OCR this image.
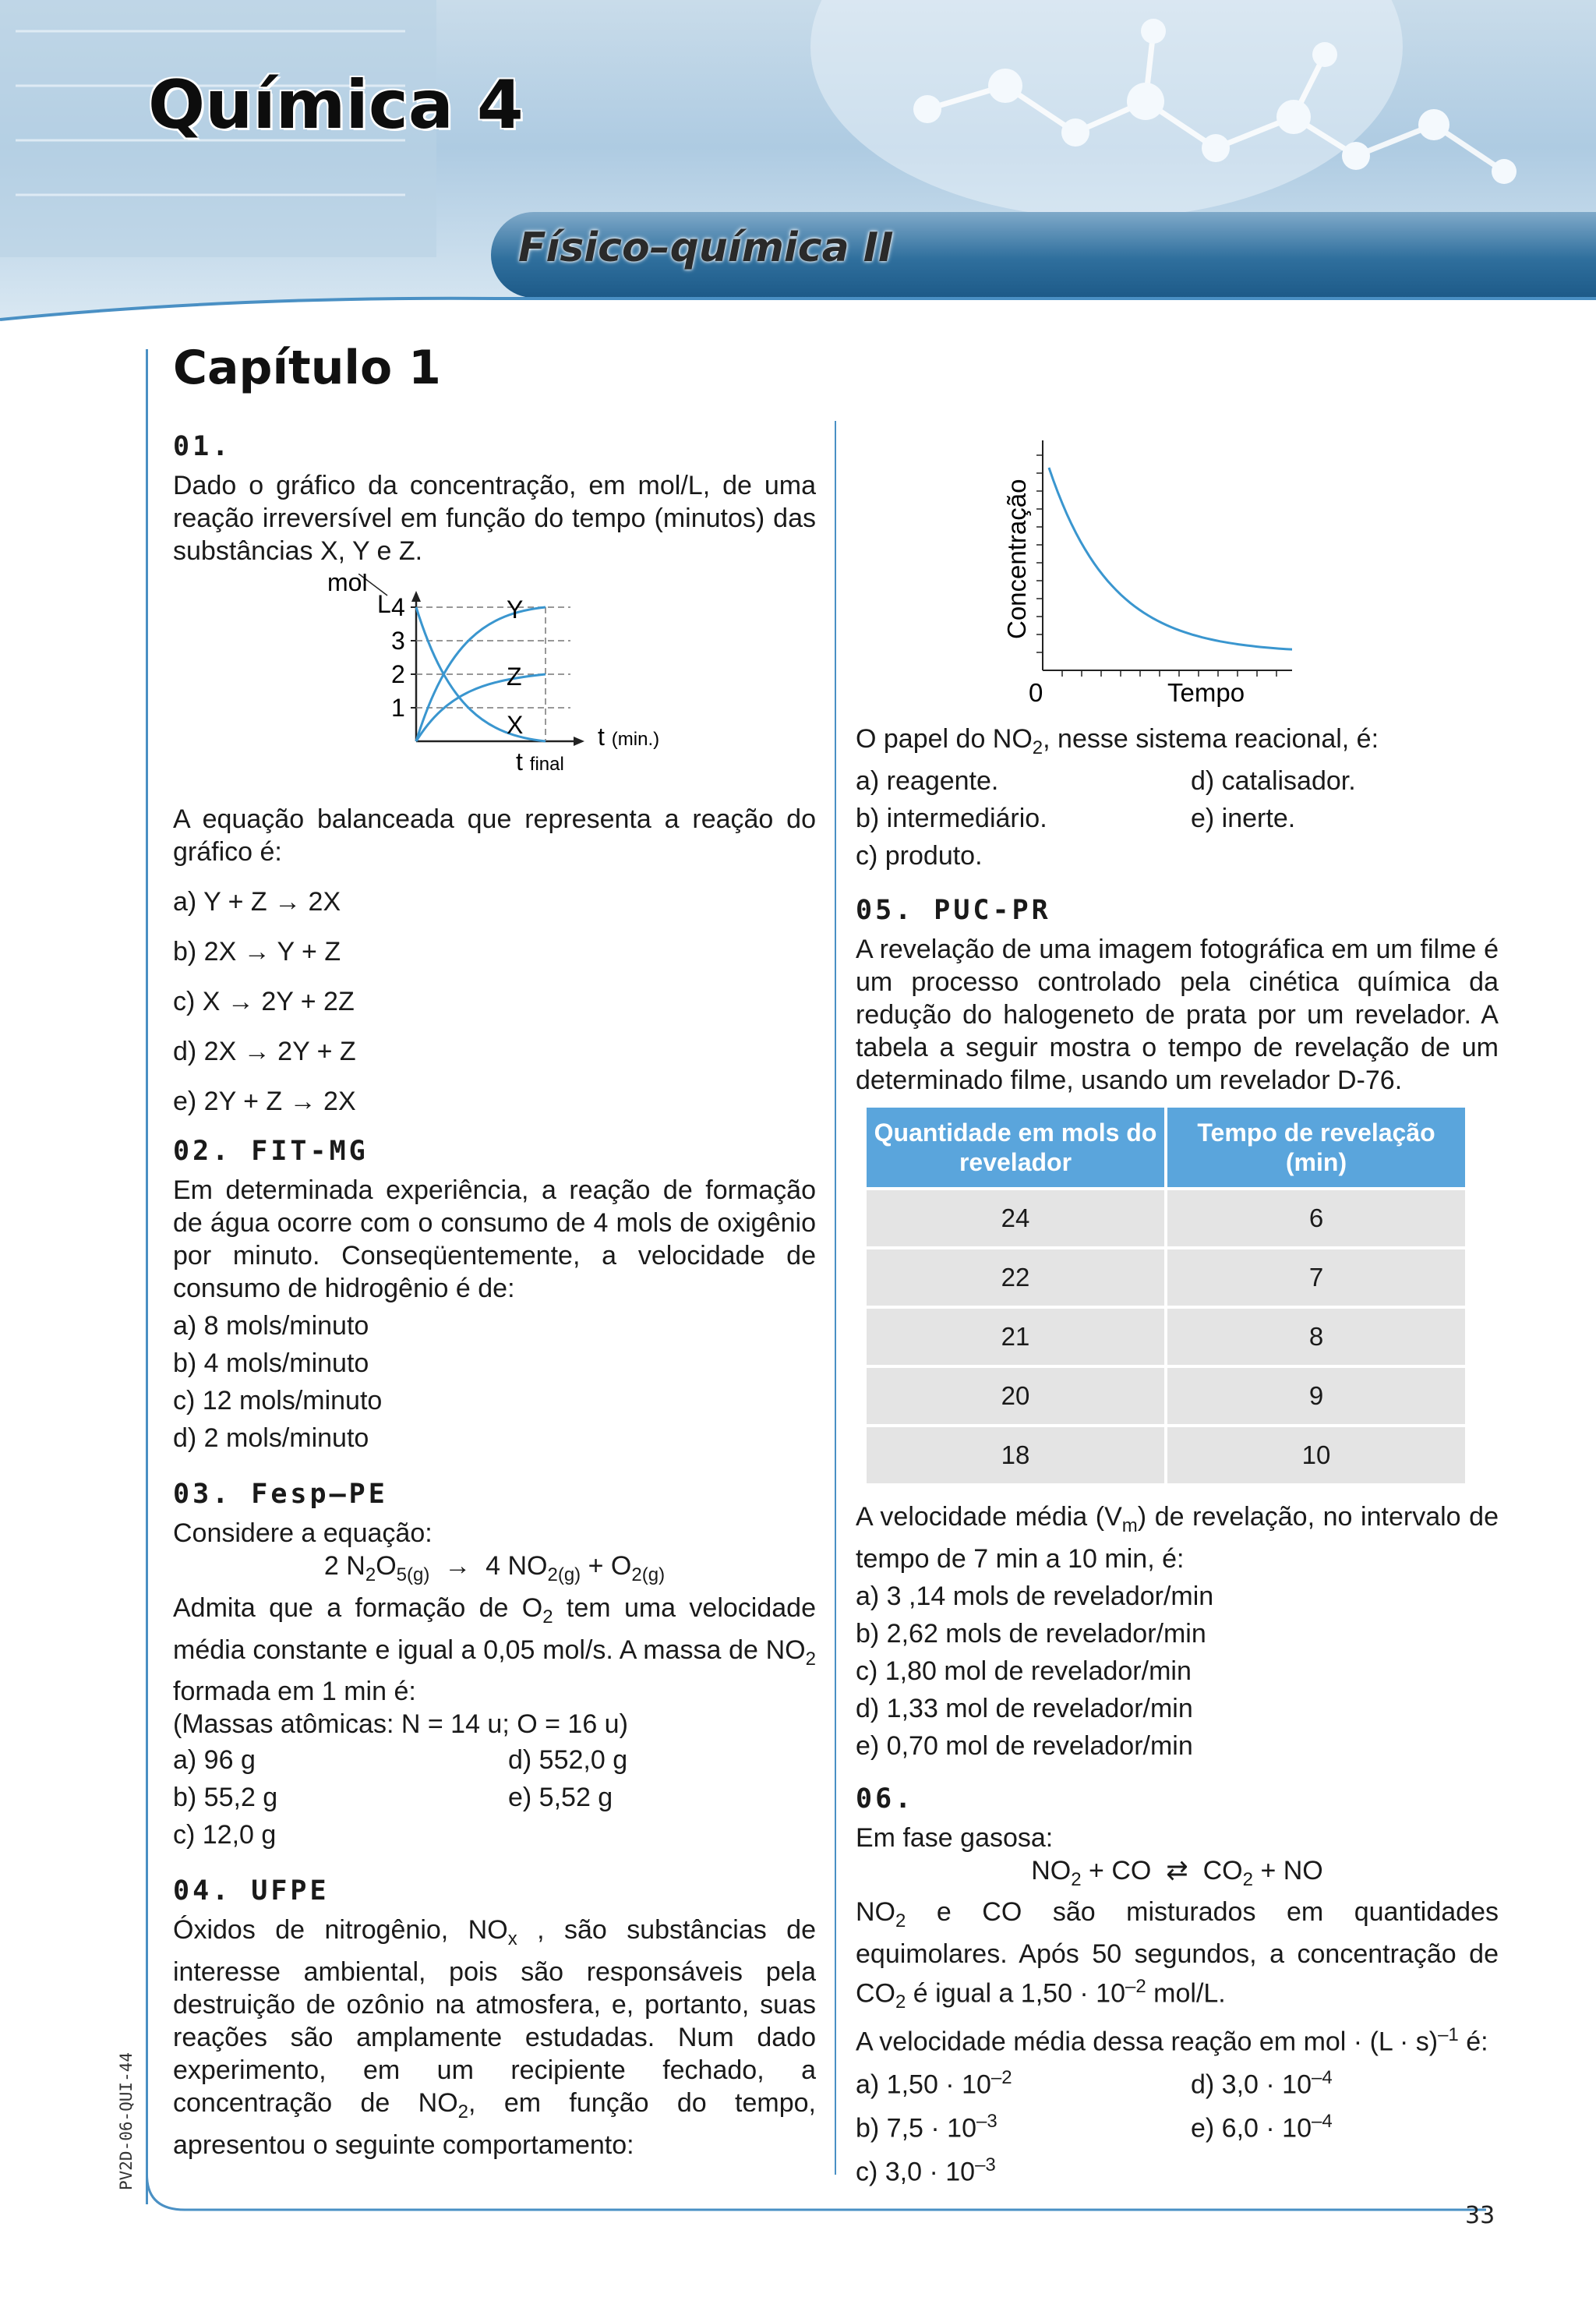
Química 4
Físico–química II
PV2D-06-QUI-44
Capítulo 1
01.

Dado o gráfico da concentração, em mol/L, de uma reação irreversível em função do tempo (minutos) das substâncias X, Y e Z.

mol
L
1
2
3
4	Y
Z
X	t (min.)
t final

A equação balanceada que representa a reação do gráfico é:

a) Y + Z → 2X

b) 2X → Y + Z

c) X → 2Y + 2Z

d) 2X → 2Y + Z

e) 2Y + Z → 2X

02. FIT-MG

Em determinada experiência, a reação de formação de água ocorre com o consumo de 4 mols de oxigênio por minuto. Conseqüentemente, a velocidade de consumo de hidrogênio é de:

a) 8 mols/minuto

b) 4 mols/minuto

c) 12 mols/minuto

d) 2 mols/minuto

03. Fesp–PE

Considere a equação:

2 $N_2O_{5(g)} \to 4$ $NO_{2(g)} + O_{2(g)}$

Admita que a formação de $O_2$ tem uma velocidade média constante e igual a 0,05 mol/s. A massa de $NO_2$ formada em 1 min é:

(Massas atômicas: N = 14 u; O = 16 u)

a) 96 g	d) 552,0 g

b) 55,2 g	e) 5,52 g

c) 12,0 g

04. UFPE

Óxidos de nitrogênio, $NO_x$ , são substâncias de interesse ambiental, pois são responsáveis pela destruição de ozônio na atmosfera, e, portanto, suas reações são amplamente estudadas. Num dado experimento, em um recipiente fechado, a concentração de $NO_2$, em função do tempo, apresentou o seguinte comportamento:

Concentração
0	Tempo

O papel do $NO_2$, nesse sistema reacional, é:

a) reagente.	d) catalisador.

b) intermediário.	e) inerte.

c) produto.

05. PUC-PR

A revelação de uma imagem fotográfica em um filme é um processo controlado pela cinética química da redução do halogeneto de prata por um revelador. A tabela a seguir mostra o tempo de revelação de um determinado filme, usando um revelador D-76.

Quantidade em mols do revelador	Tempo de revelação (min)
24	6
22	7
21	8
20	9
18	10

A velocidade média $(V_m)$ de revelação, no intervalo de tempo de 7 min a 10 min, é:

a) 3 ,14 mols de revelador/min

b) 2,62 mols de revelador/min

c) 1,80 mol de revelador/min

d) 1,33 mol de revelador/min

e) 0,70 mol de revelador/min

06.

Em fase gasosa:

$NO_2$ + CO  ⇄  $CO_2$ + NO

$NO_2$ e CO são misturados em quantidades equimolares. Após 50 segundos, a concentração de $CO_2$ é igual a $1,50 \cdot 10^{-2}$ mol/L.

A velocidade média dessa reação em mol · $(L \cdot s)^{-1}$ é:

a) $1,50 \cdot 10^{-2}$	d) $3,0 \cdot 10^{-4}$

b) $7,5 \cdot 10^{-3}$	e) $6,0 \cdot 10^{-4}$

c) $3,0 \cdot 10^{-3}$

33
